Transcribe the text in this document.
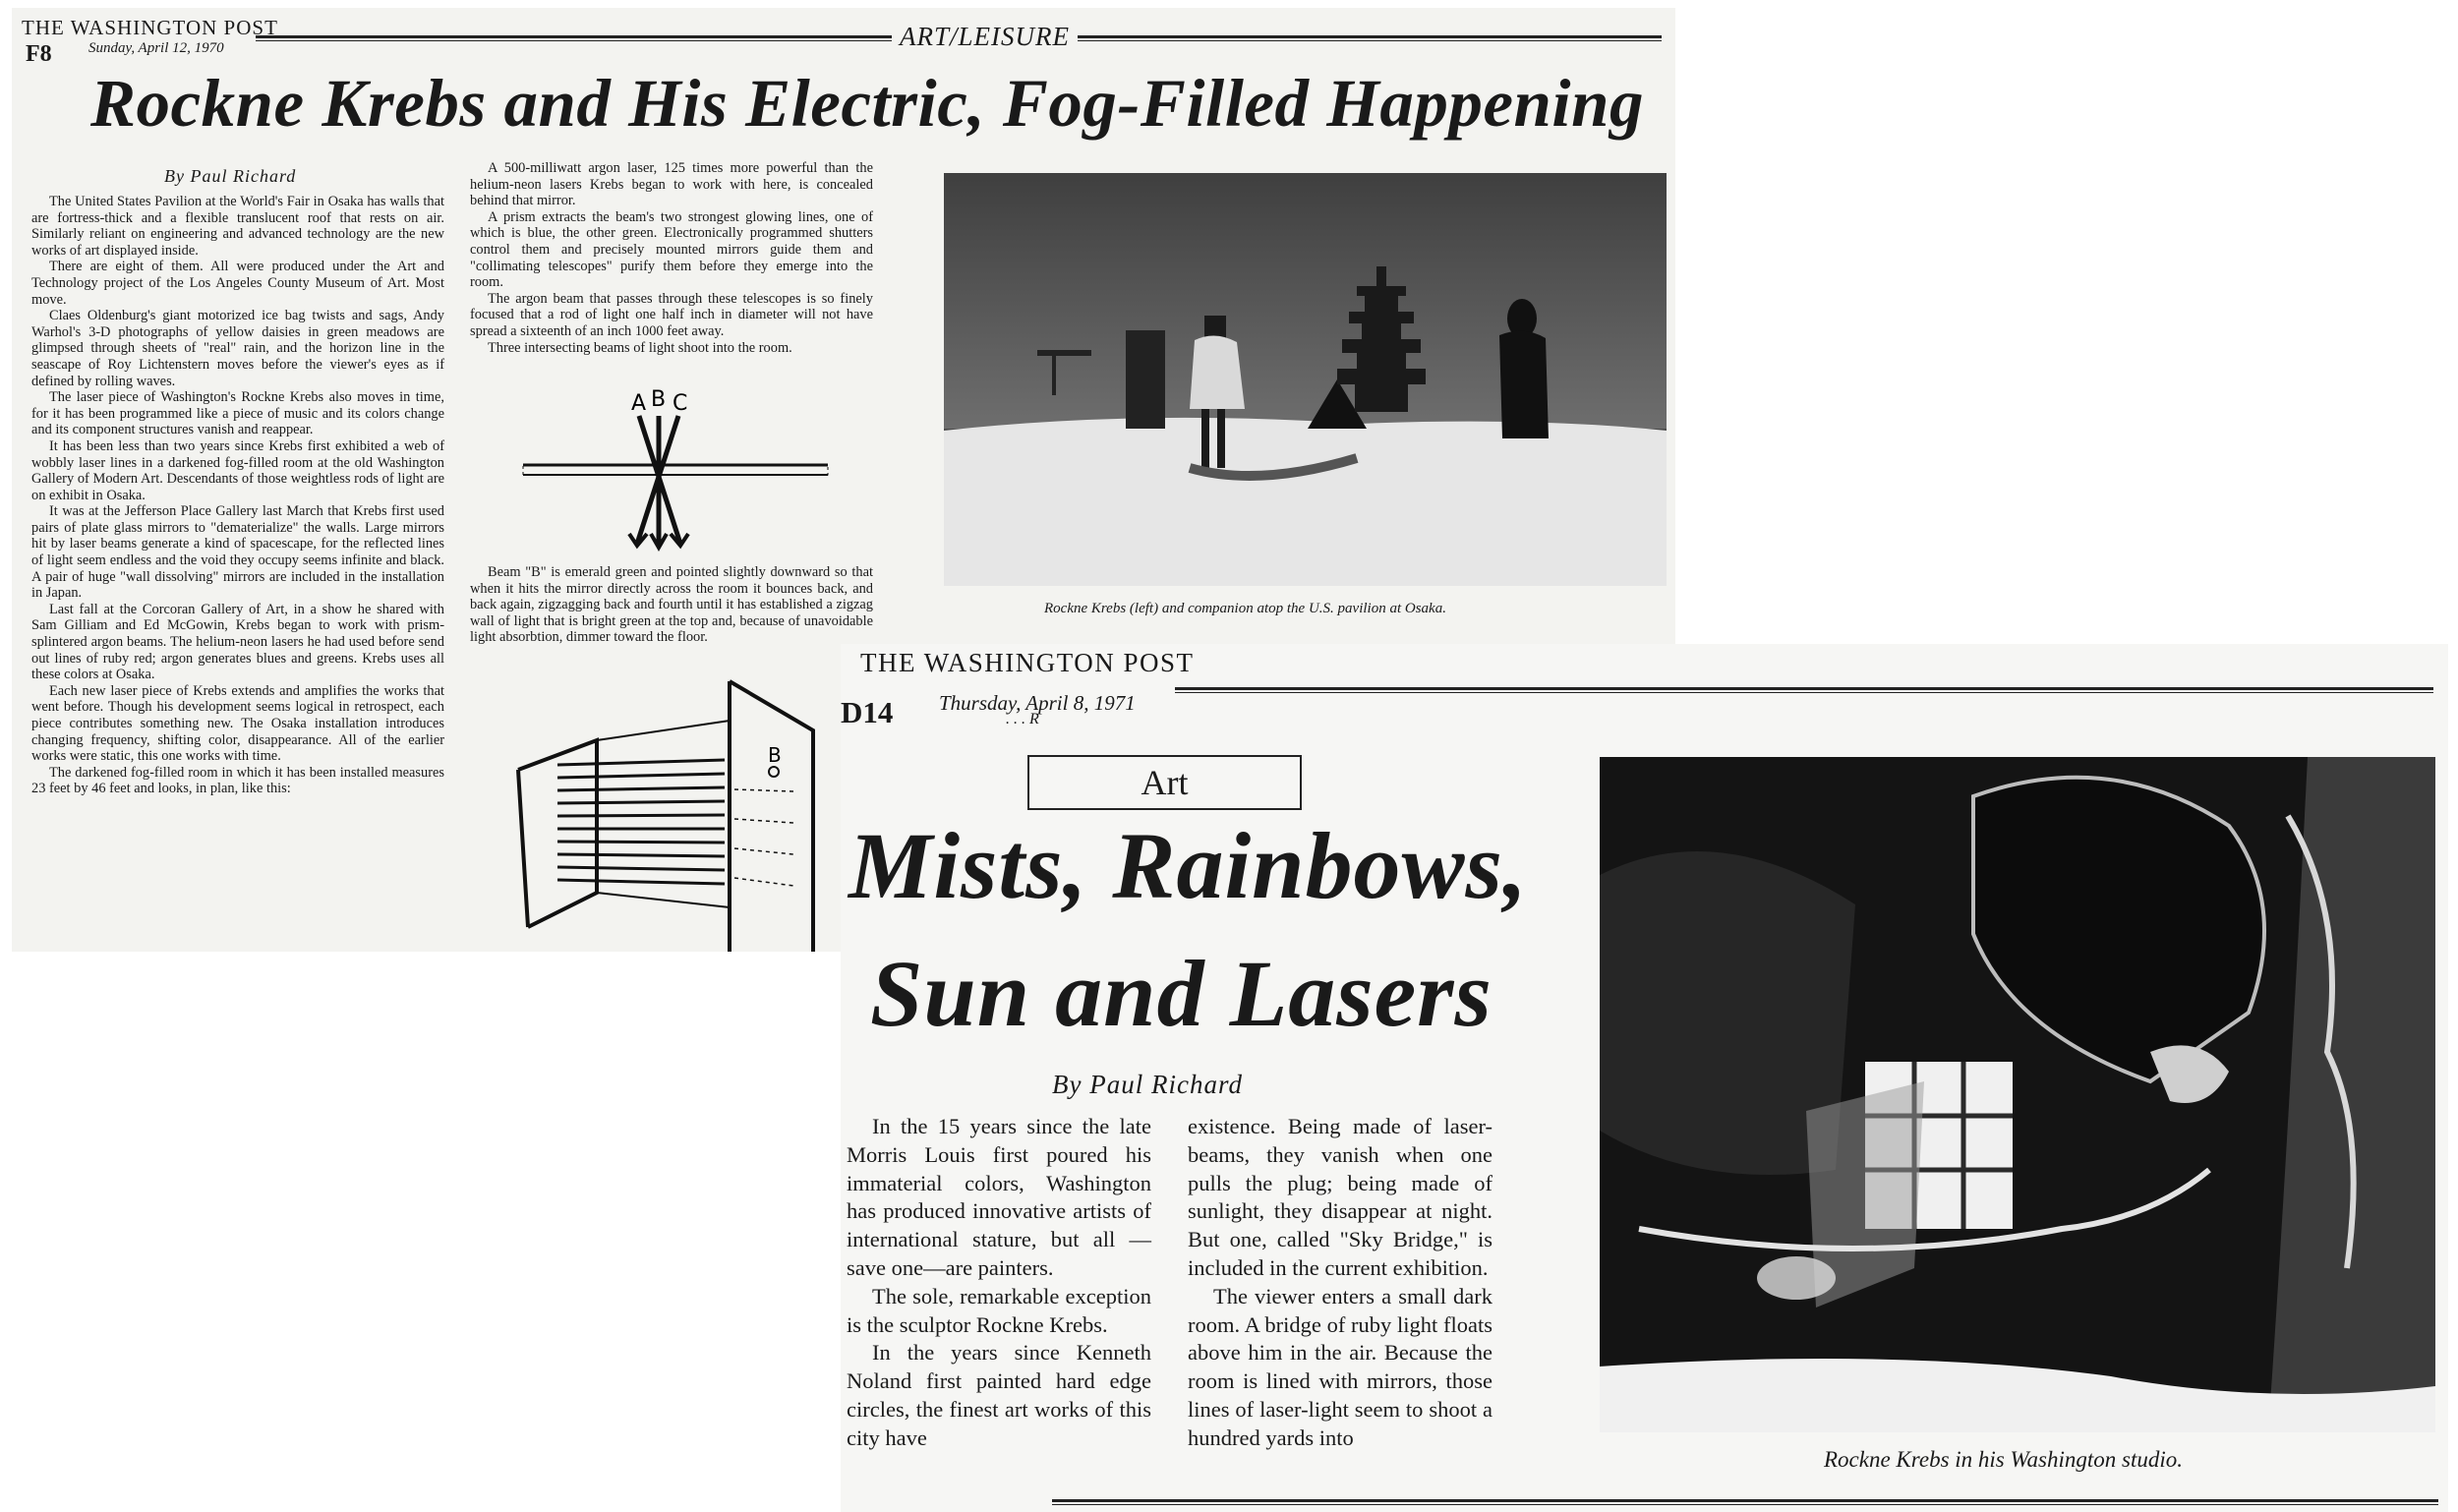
THE WASHINGTON POST
F8 Sunday, April 12, 1970	ART/LEISURE
Rockne Krebs and His Electric, Fog-Filled Happening
By Paul Richard

The United States Pavilion at the World's Fair in Osaka has walls that are fortress-thick and a flexible translucent roof that rests on air. Similarly reliant on engineering and advanced technology are the new works of art displayed inside.

There are eight of them. All were produced under the Art and Technology project of the Los Angeles County Museum of Art. Most move.

Claes Oldenburg's giant motorized ice bag twists and sags, Andy Warhol's 3-D photographs of yellow daisies in green meadows are glimpsed through sheets of "real" rain, and the horizon line in the seascape of Roy Lichtenstern moves before the viewer's eyes as if defined by rolling waves.

The laser piece of Washington's Rockne Krebs also moves in time, for it has been programmed like a piece of music and its colors change and its component structures vanish and reappear.

It has been less than two years since Krebs first exhibited a web of wobbly laser lines in a darkened fog-filled room at the old Washington Gallery of Modern Art. Descendants of those weightless rods of light are on exhibit in Osaka.

It was at the Jefferson Place Gallery last March that Krebs first used pairs of plate glass mirrors to "dematerialize" the walls. Large mirrors hit by laser beams generate a kind of spacescape, for the reflected lines of light seem endless and the void they occupy seems infinite and black. A pair of huge "wall dissolving" mirrors are included in the installation in Japan.

Last fall at the Corcoran Gallery of Art, in a show he shared with Sam Gilliam and Ed McGowin, Krebs began to work with prism-splintered argon beams. The helium-neon lasers he had used before send out lines of ruby red; argon generates blues and greens. Krebs uses all these colors at Osaka.

Each new laser piece of Krebs extends and amplifies the works that went before. Though his development seems logical in retrospect, each piece contributes something new. The Osaka installation introduces changing frequency, shifting color, disappearance. All of the earlier works were static, this one works with time.

The darkened fog-filled room in which it has been installed measures 23 feet by 46 feet and looks, in plan, like this:

A 500-milliwatt argon laser, 125 times more powerful than the helium-neon lasers Krebs began to work with here, is concealed behind that mirror.

A prism extracts the beam's two strongest glowing lines, one of which is blue, the other green. Electronically programmed shutters control them and precisely mounted mirrors guide them and "collimating telescopes" purify them before they emerge into the room.

The argon beam that passes through these telescopes is so finely focused that a rod of light one half inch in diameter will not have spread a sixteenth of an inch 1000 feet away.

Three intersecting beams of light shoot into the room.

A B C

Beam "B" is emerald green and pointed slightly downward so that when it hits the mirror directly across the room it bounces back, and back again, zigzagging back and fourth until it has established a zigzag wall of light that is bright green at the top and, because of unavoidable light absorbtion, dimmer toward the floor.

B
Rockne Krebs (left) and companion atop the U.S. pavilion at Osaka.
THE WASHINGTON POST
D14 Thursday, April 8, 1971
. . . R
Art
Mists, Rainbows,
Sun and Lasers
By Paul Richard

In the 15 years since the late Morris Louis first poured his immaterial colors, Washington has produced innovative artists of international stature, but all —save one—are painters.

The sole, remarkable exception is the sculptor Rockne Krebs.

In the years since Kenneth Noland first painted hard edge circles, the finest art works of this city have

existence. Being made of laser-beams, they vanish when one pulls the plug; being made of sunlight, they disappear at night. But one, called "Sky Bridge," is included in the current exhibition.

The viewer enters a small dark room. A bridge of ruby light floats above him in the air. Because the room is lined with mirrors, those lines of laser-light seem to shoot a hundred yards into

Rockne Krebs in his Washington studio.
